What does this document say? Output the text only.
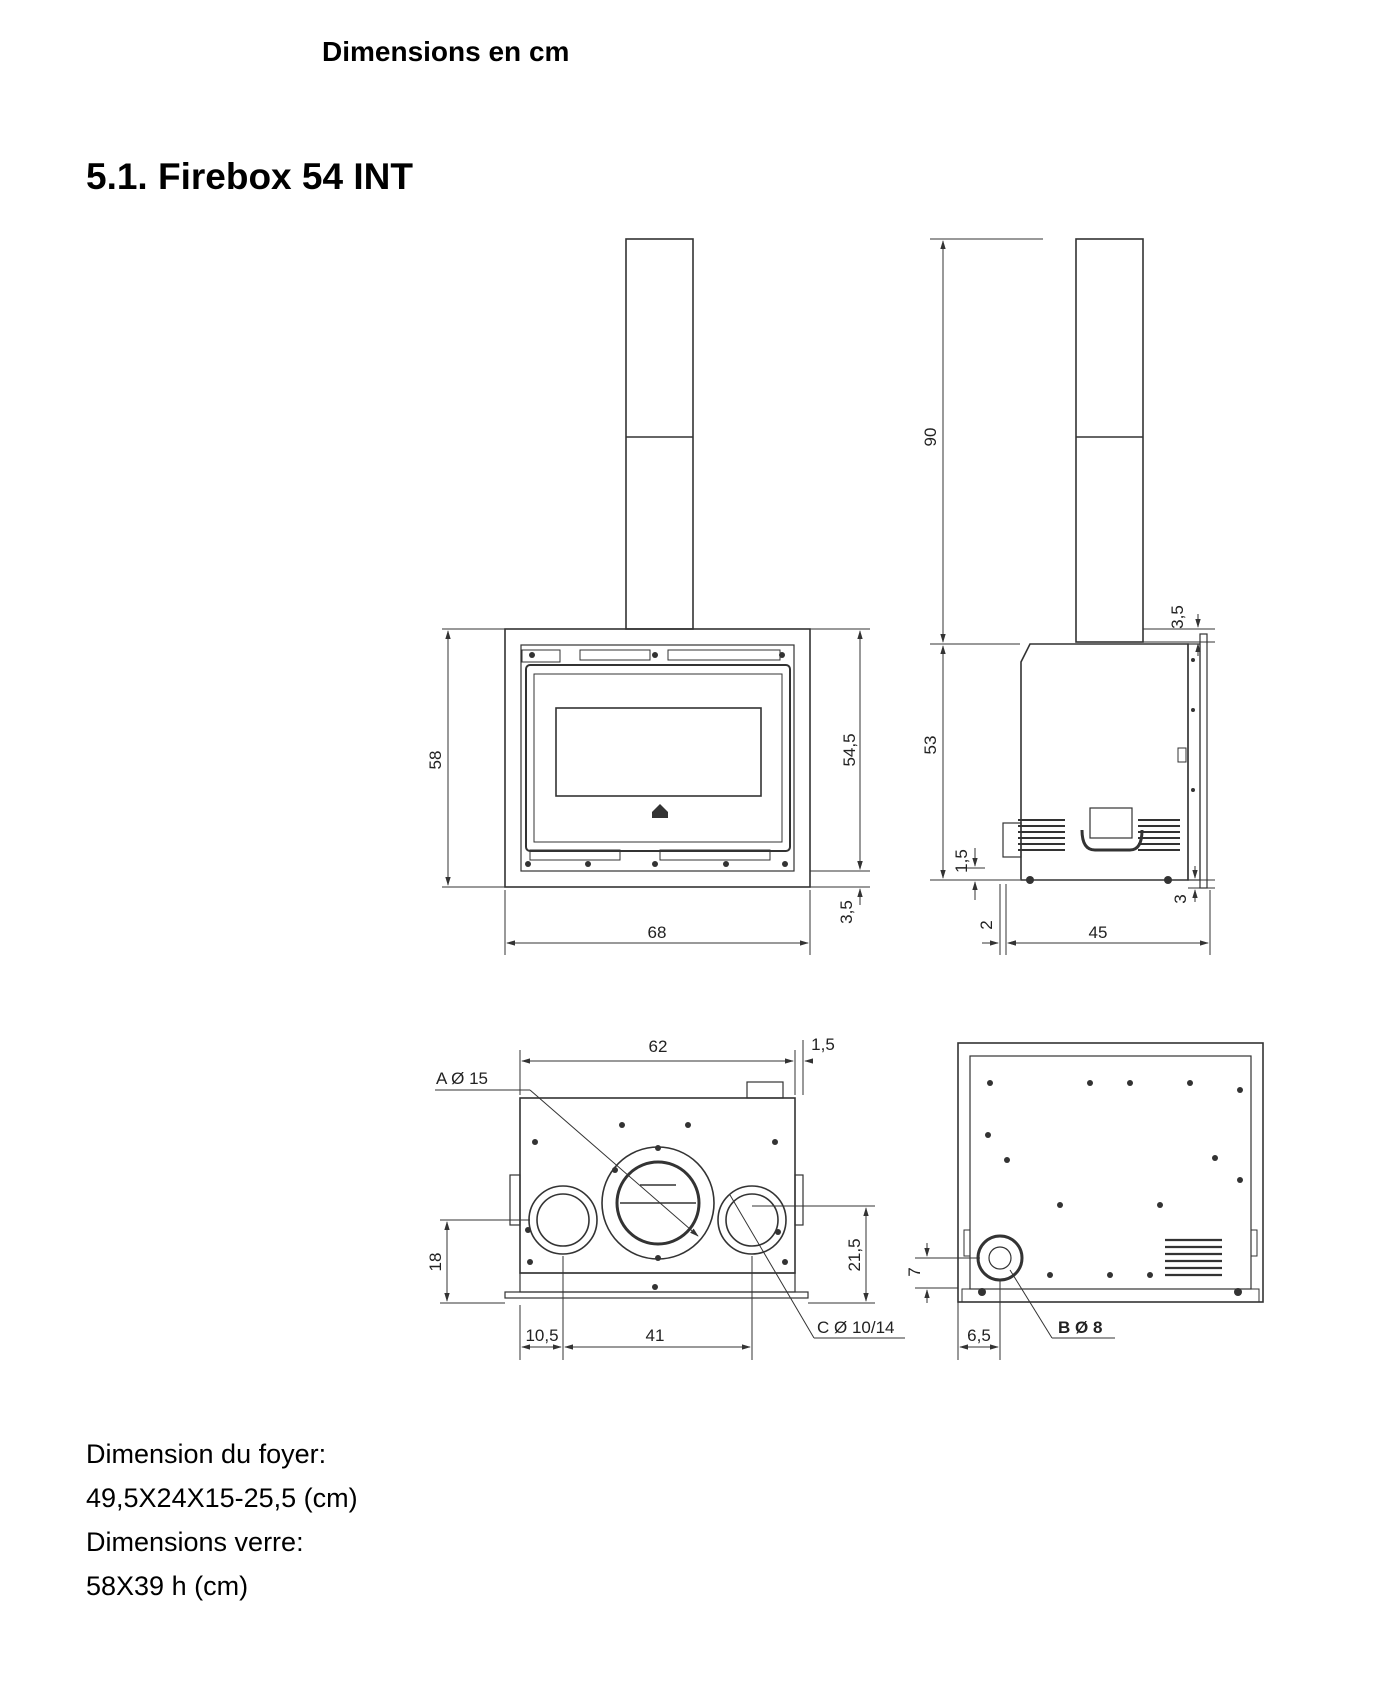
Dimensions en cm
5.1. Firebox 54 INT
58	54,5
3,5
68
90
53
3,5
1,5
3
2	45
62	1,5
A Ø 15
18	21,5
10,5	41	C Ø 10/14
7
6,5	B Ø 8
Dimension du foyer:
49,5X24X15-25,5 (cm)
Dimensions verre:
58X39 h (cm)
